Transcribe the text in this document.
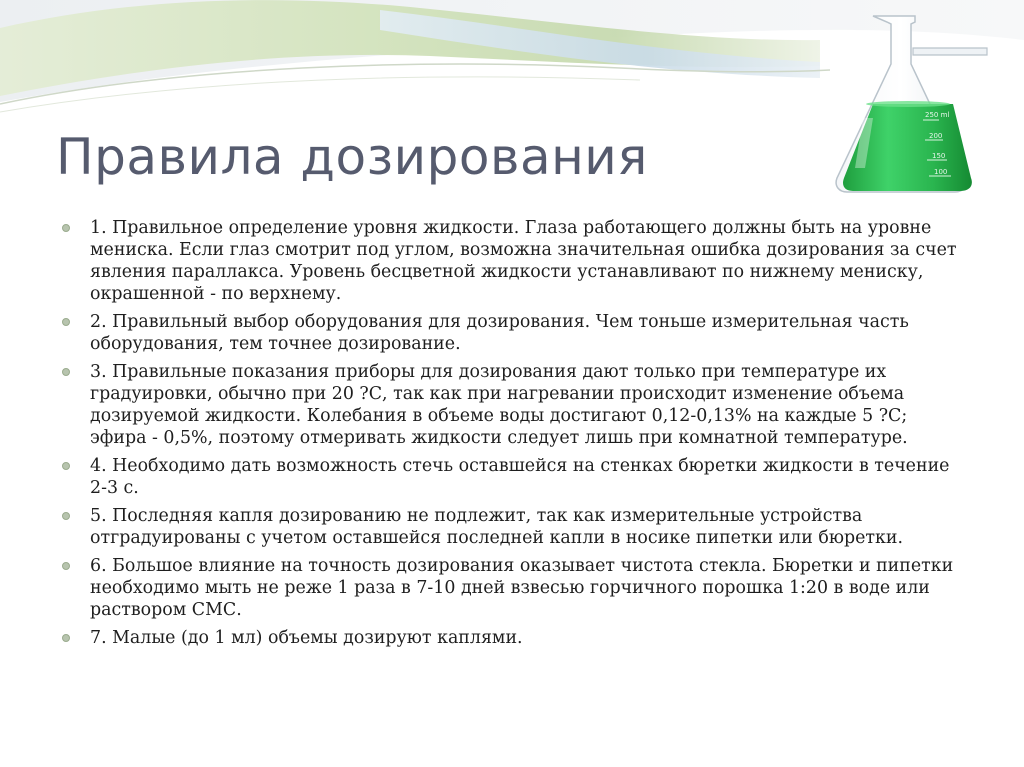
250 ml
200
150
100
Правила дозирования
1. Правильное определение уровня жидкости. Глаза работающего должны быть на уровне мениска. Если глаз смотрит под углом, возможна значительная ошибка дозирования за счет явления параллакса. Уровень бесцветной жидкости устанавливают по нижнему мениску, окрашенной - по верхнему.
2. Правильный выбор оборудования для дозирования. Чем тоньше измерительная часть оборудования, тем точнее дозирование.
3. Правильные показания приборы для дозирования дают только при температуре их градуировки, обычно при 20 ?С, так как при нагревании происходит изменение объема дозируемой жидкости. Колебания в объеме воды достигают 0,12-0,13% на каждые 5 ?С; эфира - 0,5%, поэтому отмеривать жидкости следует лишь при комнатной температуре.
4. Необходимо дать возможность стечь оставшейся на стенках бюретки жидкости в течение 2-3 с.
5. Последняя капля дозированию не подлежит, так как измерительные устройства отградуированы с учетом оставшейся последней капли в носике пипетки или бюретки.
6. Большое влияние на точность дозирования оказывает чистота стекла. Бюретки и пипетки необходимо мыть не реже 1 раза в 7-10 дней взвесью горчичного порошка 1:20 в воде или раствором СМС.
7. Малые (до 1 мл) объемы дозируют каплями.
